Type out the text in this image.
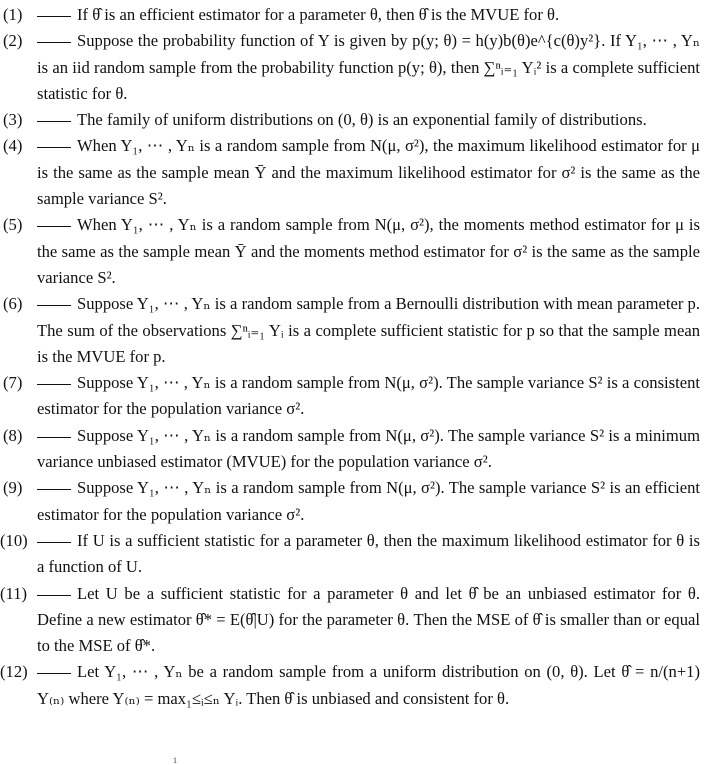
(1)	If θ̂ is an efficient estimator for a parameter θ, then θ̂ is the MVUE for θ.
(2)	Suppose the probability function of Y is given by p(y; θ) = h(y)b(θ)e^{c(θ)y²}. If Y₁, ⋯ , Yₙ is an iid random sample from the probability function p(y; θ), then ∑ⁿᵢ₌₁ Yᵢ² is a complete sufficient statistic for θ.
(3)	The family of uniform distributions on (0, θ) is an exponential family of distributions.
(4)	When Y₁, ⋯ , Yₙ is a random sample from N(μ, σ²), the maximum likelihood estimator for μ is the same as the sample mean Ȳ and the maximum likelihood estimator for σ² is the same as the sample variance S².
(5)	When Y₁, ⋯ , Yₙ is a random sample from N(μ, σ²), the moments method estimator for μ is the same as the sample mean Ȳ and the moments method estimator for σ² is the same as the sample variance S².
(6)	Suppose Y₁, ⋯ , Yₙ is a random sample from a Bernoulli distribution with mean parameter p. The sum of the observations ∑ⁿᵢ₌₁ Yᵢ is a complete sufficient statistic for p so that the sample mean is the MVUE for p.
(7)	Suppose Y₁, ⋯ , Yₙ is a random sample from N(μ, σ²). The sample variance S² is a consistent estimator for the population variance σ².
(8)	Suppose Y₁, ⋯ , Yₙ is a random sample from N(μ, σ²). The sample variance S² is a minimum variance unbiased estimator (MVUE) for the population variance σ².
(9)	Suppose Y₁, ⋯ , Yₙ is a random sample from N(μ, σ²). The sample variance S² is an efficient estimator for the population variance σ².
(10)	If U is a sufficient statistic for a parameter θ, then the maximum likelihood estimator for θ is a function of U.
(11)	Let U be a sufficient statistic for a parameter θ and let θ̂ be an unbiased estimator for θ. Define a new estimator θ̂* = E(θ̂|U) for the parameter θ. Then the MSE of θ̂ is smaller than or equal to the MSE of θ̂*.
(12)	Let Y₁, ⋯ , Yₙ be a random sample from a uniform distribution on (0, θ). Let θ̂ = n/(n+1) Y₍ₙ₎ where Y₍ₙ₎ = max₁≤ᵢ≤ₙ Yᵢ. Then θ̂ is unbiased and consistent for θ.
1
